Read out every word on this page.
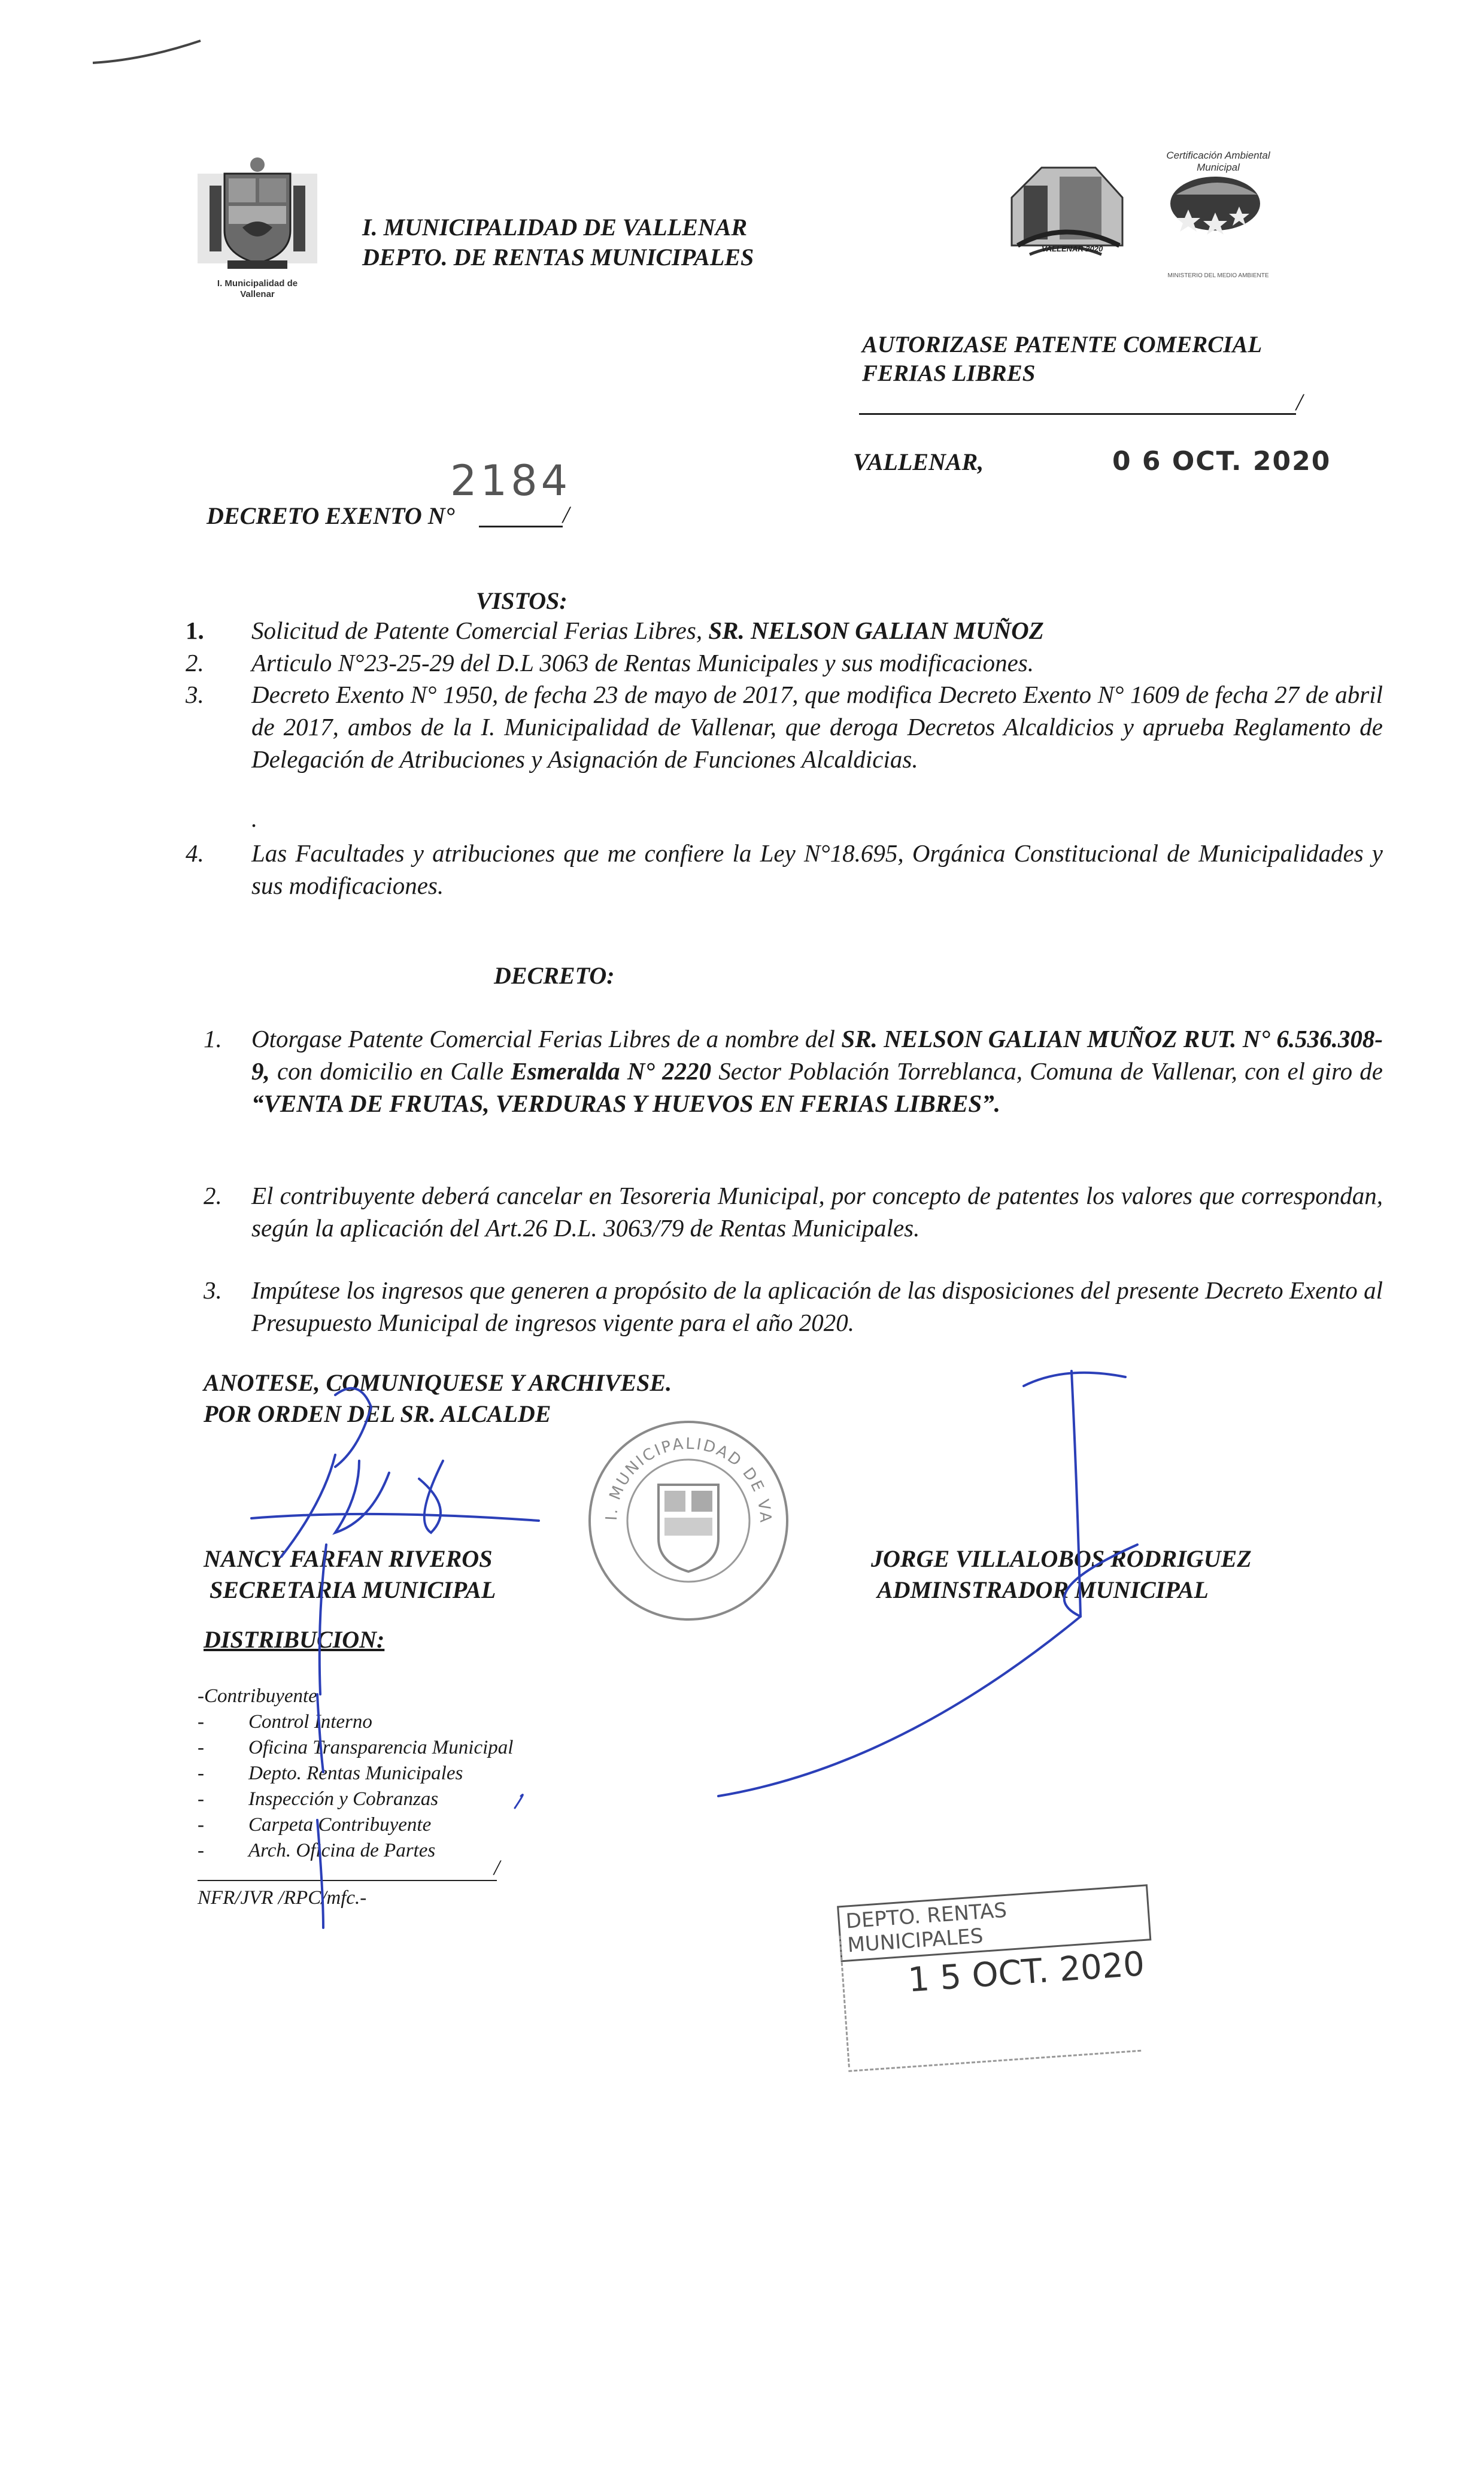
I. Municipalidad de Vallenar
I. MUNICIPALIDAD DE VALLENAR
DEPTO. DE RENTAS MUNICIPALES	VALLENAR 2020
Certificación Ambiental Municipal
MINISTERIO DEL MEDIO AMBIENTE
AUTORIZASE PATENTE COMERCIAL
FERIAS LIBRES
/
VALLENAR,	0 6 OCT. 2020
2184
DECRETO EXENTO N°	/
VISTOS:
1. Solicitud de Patente Comercial Ferias Libres, SR. NELSON GALIAN MUÑOZ
2. Articulo N°23-25-29 del D.L 3063 de Rentas Municipales y sus modificaciones.
3. Decreto Exento N° 1950, de fecha 23 de mayo de 2017, que modifica Decreto Exento N° 1609 de fecha 27 de abril de 2017, ambos de la I. Municipalidad de Vallenar, que deroga Decretos Alcaldicios y aprueba Reglamento de Delegación de Atribuciones y Asignación de Funciones Alcaldicias.
.
4. Las Facultades y atribuciones que me confiere la Ley N°18.695, Orgánica Constitucional de Municipalidades y sus modificaciones.
DECRETO:
1. Otorgase Patente Comercial Ferias Libres de a nombre del SR. NELSON GALIAN MUÑOZ RUT. N° 6.536.308-9, con domicilio en Calle Esmeralda N° 2220 Sector Población Torreblanca, Comuna de Vallenar, con el giro de “VENTA DE FRUTAS, VERDURAS Y HUEVOS EN FERIAS LIBRES”.
2. El contribuyente deberá cancelar en Tesoreria Municipal, por concepto de patentes los valores que correspondan, según la aplicación del Art.26 D.L. 3063/79 de Rentas Municipales.
3. Impútese los ingresos que generen a propósito de la aplicación de las disposiciones del presente Decreto Exento al Presupuesto Municipal de ingresos vigente para el año 2020.
ANOTESE, COMUNIQUESE Y ARCHIVESE.
POR ORDEN DEL SR. ALCALDE
I. MUNICIPALIDAD DE VA
NANCY FARFAN RIVEROS
SECRETARIA MUNICIPAL
JORGE VILLALOBOS RODRIGUEZ
ADMINSTRADOR MUNICIPAL
DISTRIBUCION:
-Contribuyente
- Control Interno
- Oficina Transparencia Municipal
- Depto. Rentas Municipales
- Inspección y Cobranzas
- Carpeta Contribuyente
- Arch. Oficina de Partes
/
NFR/JVR /RPC/mfc.-
DEPTO. RENTAS MUNICIPALES
1 5 OCT. 2020
